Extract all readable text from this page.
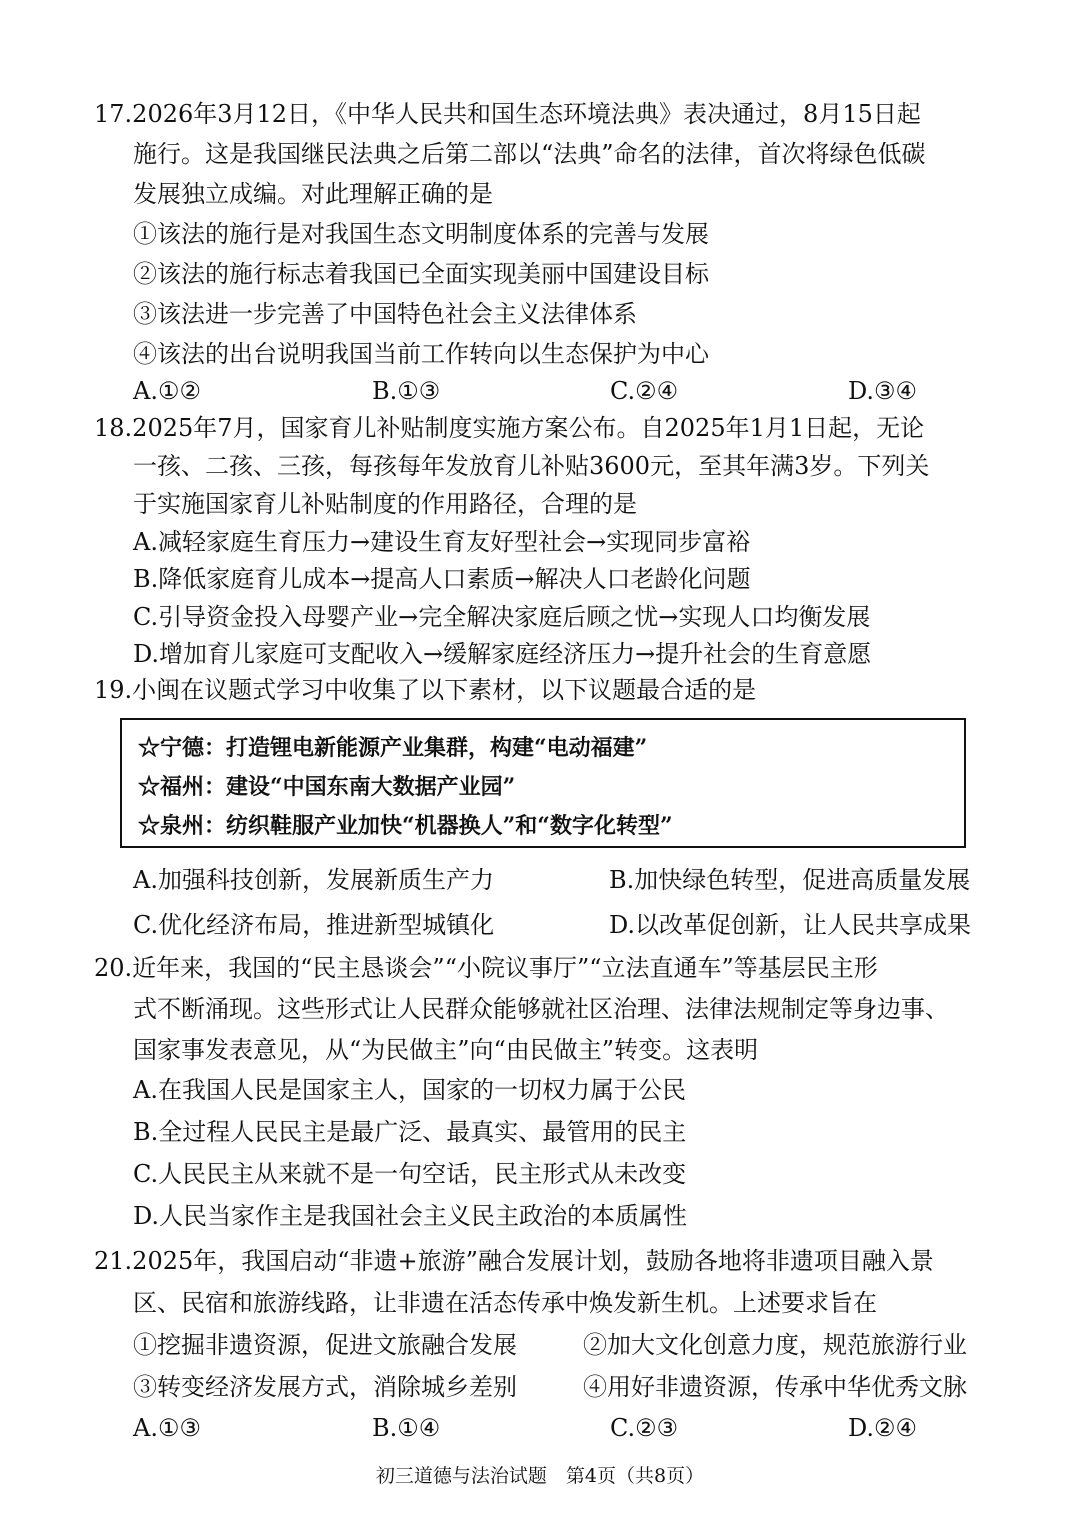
17.2026年3月12日，《中华人民共和国生态环境法典》表决通过，8月15日起
施行。这是我国继民法典之后第二部以“法典”命名的法律，首次将绿色低碳
发展独立成编。对此理解正确的是
①该法的施行是对我国生态文明制度体系的完善与发展
②该法的施行标志着我国已全面实现美丽中国建设目标
③该法进一步完善了中国特色社会主义法律体系
④该法的出台说明我国当前工作转向以生态保护为中心
A.①②	B.①③	C.②④	D.③④
18.2025年7月，国家育儿补贴制度实施方案公布。自2025年1月1日起，无论
一孩、二孩、三孩，每孩每年发放育儿补贴3600元，至其年满3岁。下列关
于实施国家育儿补贴制度的作用路径，合理的是
A.减轻家庭生育压力→建设生育友好型社会→实现同步富裕
B.降低家庭育儿成本→提高人口素质→解决人口老龄化问题
C.引导资金投入母婴产业→完全解决家庭后顾之忧→实现人口均衡发展
D.增加育儿家庭可支配收入→缓解家庭经济压力→提升社会的生育意愿
19.小闽在议题式学习中收集了以下素材，以下议题最合适的是
☆宁德：打造锂电新能源产业集群，构建“电动福建”
☆福州：建设“中国东南大数据产业园”
☆泉州：纺织鞋服产业加快“机器换人”和“数字化转型”
A.加强科技创新，发展新质生产力	B.加快绿色转型，促进高质量发展
C.优化经济布局，推进新型城镇化	D.以改革促创新，让人民共享成果
20.近年来，我国的“民主恳谈会”“小院议事厅”“立法直通车”等基层民主形
式不断涌现。这些形式让人民群众能够就社区治理、法律法规制定等身边事、
国家事发表意见，从“为民做主”向“由民做主”转变。这表明
A.在我国人民是国家主人，国家的一切权力属于公民
B.全过程人民民主是最广泛、最真实、最管用的民主
C.人民民主从来就不是一句空话，民主形式从未改变
D.人民当家作主是我国社会主义民主政治的本质属性
21.2025年，我国启动“非遗+旅游”融合发展计划，鼓励各地将非遗项目融入景
区、民宿和旅游线路，让非遗在活态传承中焕发新生机。上述要求旨在
①挖掘非遗资源，促进文旅融合发展	②加大文化创意力度，规范旅游行业
③转变经济发展方式，消除城乡差别	④用好非遗资源，传承中华优秀文脉
A.①③	B.①④	C.②③	D.②④
初三道德与法治试题　第4页（共8页）
